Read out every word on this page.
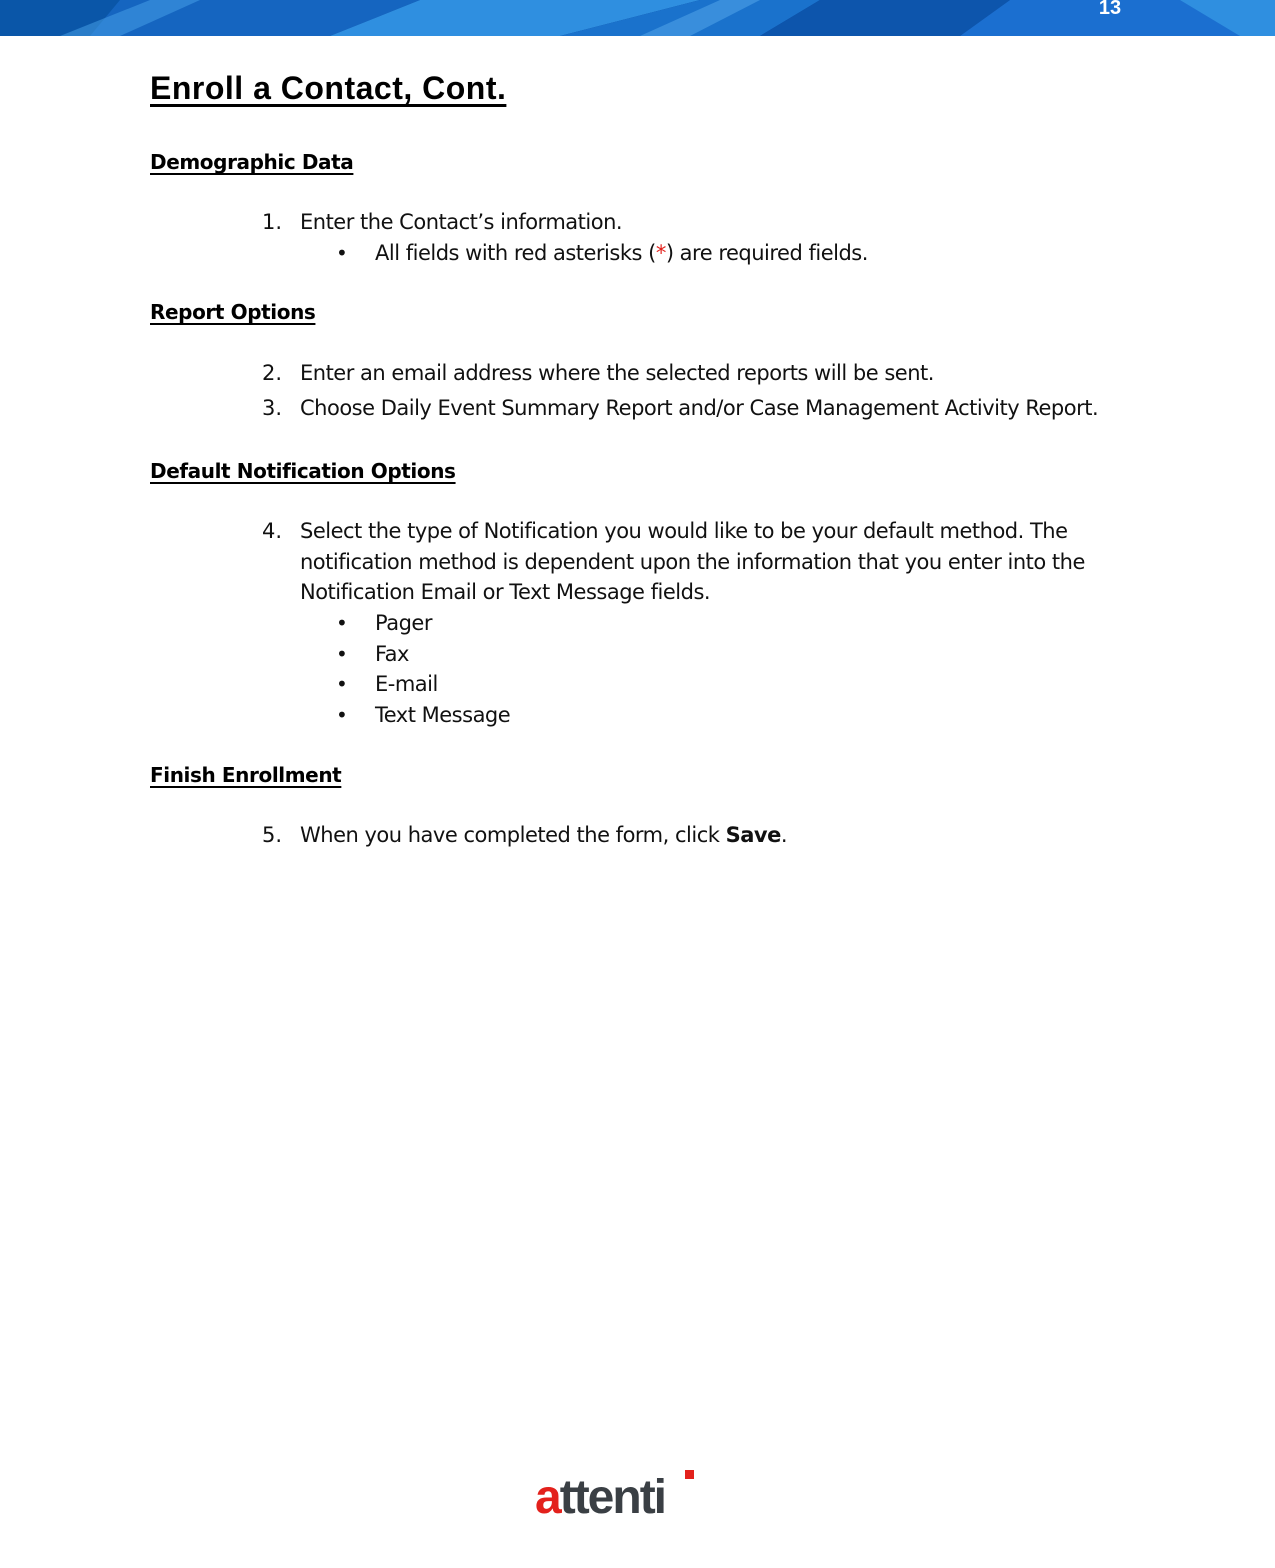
13
Enroll a Contact, Cont.
Demographic Data
1. Enter the Contact’s information.

• All fields with red asterisks (*) are required fields.

Report Options
2. Enter an email address where the selected reports will be sent.

3. Choose Daily Event Summary Report and/or Case Management Activity Report.

Default Notification Options
4. Select the type of Notification you would like to be your default method. The

notification method is dependent upon the information that you enter into the

Notification Email or Text Message fields.

• Pager

• Fax

• E-mail

• Text Message

Finish Enrollment
5. When you have completed the form, click Save.

attenti
